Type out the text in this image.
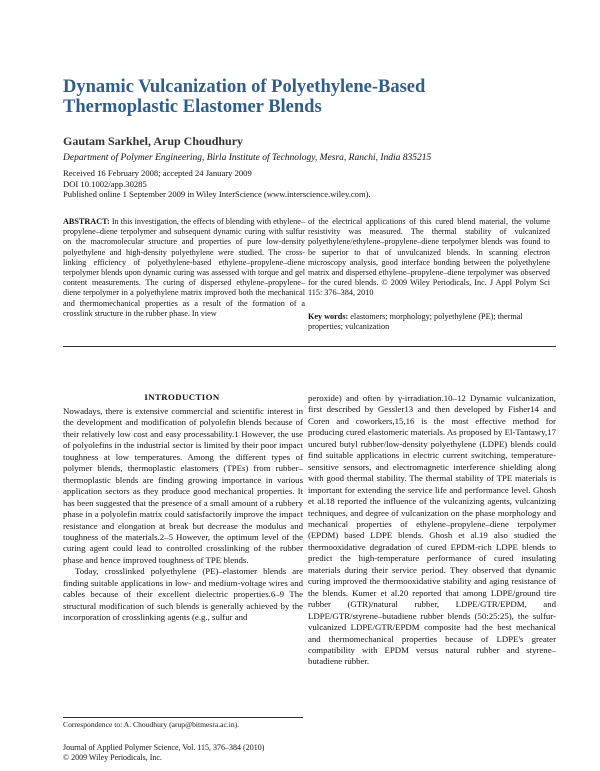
Dynamic Vulcanization of Polyethylene-Based Thermoplastic Elastomer Blends
Gautam Sarkhel, Arup Choudhury
Department of Polymer Engineering, Birla Institute of Technology, Mesra, Ranchi, India 835215
Received 16 February 2008; accepted 24 January 2009
DOI 10.1002/app.30285
Published online 1 September 2009 in Wiley InterScience (www.interscience.wiley.com).
ABSTRACT: In this investigation, the effects of blending with ethylene–propylene–diene terpolymer and subsequent dynamic curing with sulfur on the macromolecular structure and properties of pure low-density polyethylene and high-density polyethylene were studied. The cross-linking efficiency of polyethylene-based ethylene–propylene–diene terpolymer blends upon dynamic curing was assessed with torque and gel content measurements. The curing of dispersed ethylene–propylene–diene terpolymer in a polyethylene matrix improved both the mechanical and thermomechanical properties as a result of the formation of a crosslink structure in the rubber phase. In view
of the electrical applications of this cured blend material, the volume resistivity was measured. The thermal stability of vulcanized polyethylene/ethylene–propylene–diene terpolymer blends was found to be superior to that of unvulcanized blends. In scanning electron microscopy analysis, good interface bonding between the polyethylene matrix and dispersed ethylene–propylene–diene terpolymer was observed for the cured blends. © 2009 Wiley Periodicals, Inc. J Appl Polym Sci 115: 376–384, 2010
Key words: elastomers; morphology; polyethylene (PE); thermal properties; vulcanization
INTRODUCTION

Nowadays, there is extensive commercial and scientific interest in the development and modification of polyolefin blends because of their relatively low cost and easy processability.1 However, the use of polyolefins in the industrial sector is limited by their poor impact toughness at low temperatures. Among the different types of polymer blends, thermoplastic elastomers (TPEs) from rubber–thermoplastic blends are finding growing importance in various application sectors as they produce good mechanical properties. It has been suggested that the presence of a small amount of a rubbery phase in a polyolefin matrix could satisfactorily improve the impact resistance and elongation at break but decrease the modulus and toughness of the materials.2–5 However, the optimum level of the curing agent could lead to controlled crosslinking of the rubber phase and hence improved toughness of TPE blends.

Today, crosslinked polyethylene (PE)–elastomer blends are finding suitable applications in low- and medium-voltage wires and cables because of their excellent dielectric properties.6–9 The structural modification of such blends is generally achieved by the incorporation of crosslinking agents (e.g., sulfur and

peroxide) and often by γ-irradiation.10–12 Dynamic vulcanization, first described by Gessler13 and then developed by Fisher14 and Coren and coworkers,15,16 is the most effective method for producing cured elastomeric materials. As proposed by El-Tantawy,17 uncured butyl rubber/low-density polyethylene (LDPE) blends could find suitable applications in electric current switching, temperature-sensitive sensors, and electromagnetic interference shielding along with good thermal stability. The thermal stability of TPE materials is important for extending the service life and performance level. Ghosh et al.18 reported the influence of the vulcanizing agents, vulcanizing techniques, and degree of vulcanization on the phase morphology and mechanical properties of ethylene–propylene–diene terpolymer (EPDM) based LDPE blends. Ghosh et al.19 also studied the thermooxidative degradation of cured EPDM-rich LDPE blends to predict the high-temperature performance of cured insulating materials during their service period. They observed that dynamic curing improved the thermooxidative stability and aging resistance of the blends. Kumer et al.20 reported that among LDPE/ground tire rubber (GTR)/natural rubber, LDPE/GTR/EPDM, and LDPE/GTR/styrene–butadiene rubber blends (50:25:25), the sulfur-vulcanized LDPE/GTR/EPDM composite had the best mechanical and thermomechanical properties because of LDPE's greater compatibility with EPDM versus natural rubber and styrene–butadiene rubber.

Correspondence to: A. Choudhury (arup@bitmesra.ac.in).
Journal of Applied Polymer Science, Vol. 115, 376–384 (2010)
© 2009 Wiley Periodicals, Inc.
